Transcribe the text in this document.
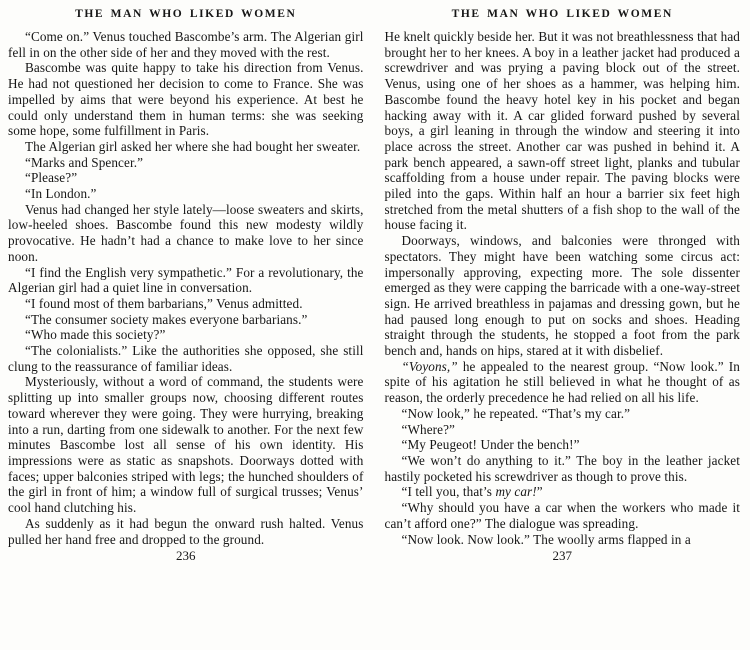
THE MAN WHO LIKED WOMEN

“Come on.” Venus touched Bascombe’s arm. The Algerian girl fell in on the other side of her and they moved with the rest.

Bascombe was quite happy to take his direction from Venus. He had not questioned her decision to come to France. She was impelled by aims that were beyond his experience. At best he could only understand them in human terms: she was seeking some hope, some fulfillment in Paris.

The Algerian girl asked her where she had bought her sweater.

“Marks and Spencer.”

“Please?”

“In London.”

Venus had changed her style lately—loose sweaters and skirts, low-heeled shoes. Bascombe found this new modesty wildly provocative. He hadn’t had a chance to make love to her since noon.

“I find the English very sympathetic.” For a revolutionary, the Algerian girl had a quiet line in conversation.

“I found most of them barbarians,” Venus admitted.

“The consumer society makes everyone barbarians.”

“Who made this society?”

“The colonialists.” Like the authorities she opposed, she still clung to the reassurance of familiar ideas.

Mysteriously, without a word of command, the students were splitting up into smaller groups now, choosing different routes toward wherever they were going. They were hurrying, breaking into a run, darting from one sidewalk to another. For the next few minutes Bascombe lost all sense of his own identity. His impressions were as static as snapshots. Doorways dotted with faces; upper balconies striped with legs; the hunched shoulders of the girl in front of him; a window full of surgical trusses; Venus’ cool hand clutching his.

As suddenly as it had begun the onward rush halted. Venus pulled her hand free and dropped to the ground.

236
THE MAN WHO LIKED WOMEN

He knelt quickly beside her. But it was not breathlessness that had brought her to her knees. A boy in a leather jacket had produced a screwdriver and was prying a paving block out of the street. Venus, using one of her shoes as a hammer, was helping him. Bascombe found the heavy hotel key in his pocket and began hacking away with it. A car glided forward pushed by several boys, a girl leaning in through the window and steering it into place across the street. Another car was pushed in behind it. A park bench appeared, a sawn-off street light, planks and tubular scaffolding from a house under repair. The paving blocks were piled into the gaps. Within half an hour a barrier six feet high stretched from the metal shutters of a fish shop to the wall of the house facing it.

Doorways, windows, and balconies were thronged with spectators. They might have been watching some circus act: impersonally approving, expecting more. The sole dissenter emerged as they were capping the barricade with a one-way-street sign. He arrived breathless in pajamas and dressing gown, but he had paused long enough to put on socks and shoes. Heading straight through the students, he stopped a foot from the park bench and, hands on hips, stared at it with disbelief.

“Voyons,” he appealed to the nearest group. “Now look.” In spite of his agitation he still believed in what he thought of as reason, the orderly precedence he had relied on all his life.

“Now look,” he repeated. “That’s my car.”

“Where?”

“My Peugeot! Under the bench!”

“We won’t do anything to it.” The boy in the leather jacket hastily pocketed his screwdriver as though to prove this.

“I tell you, that’s my car!”

“Why should you have a car when the workers who made it can’t afford one?” The dialogue was spreading.

“Now look. Now look.” The woolly arms flapped in a

237
